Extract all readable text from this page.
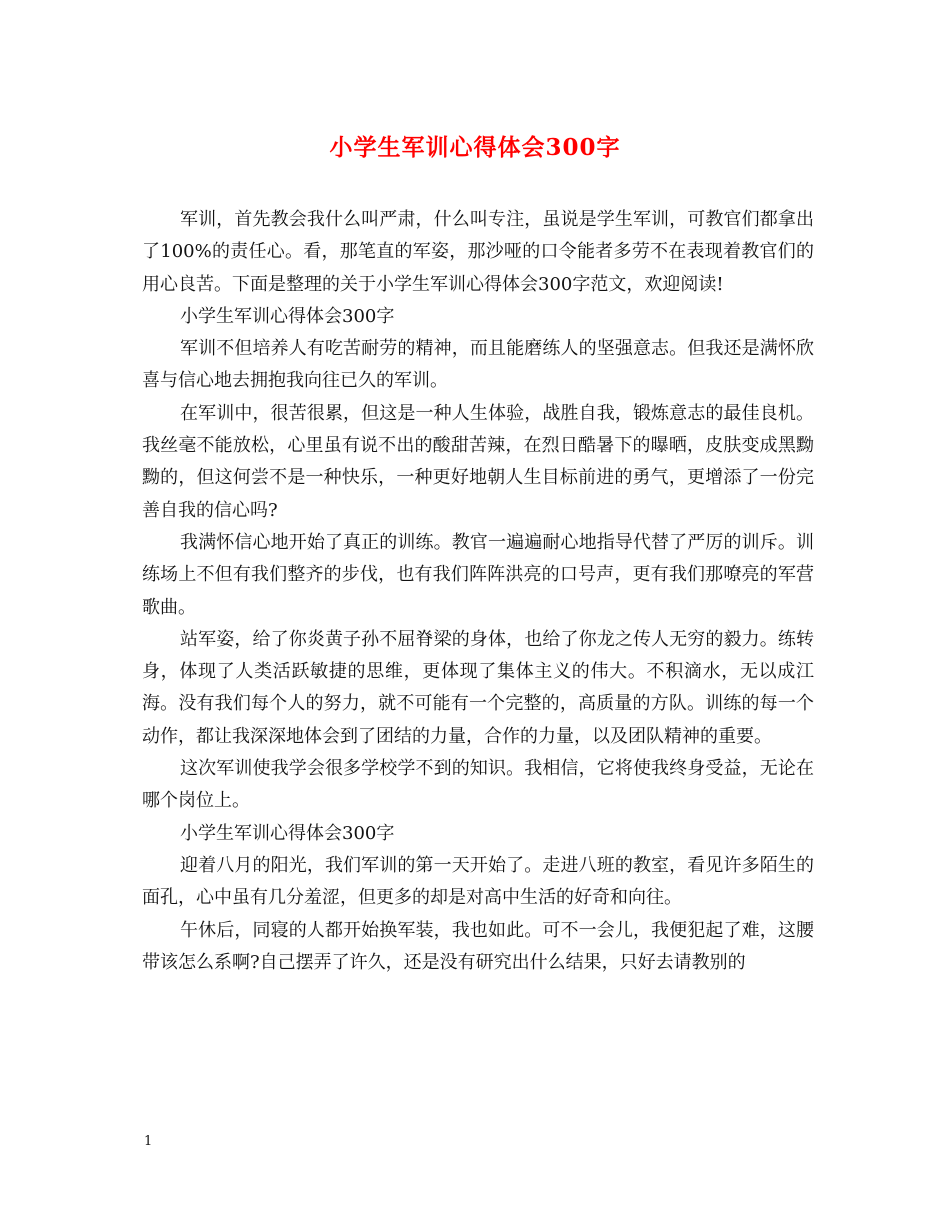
小学生军训心得体会300字

军训，首先教会我什么叫严肃，什么叫专注，虽说是学生军训，可教官们都拿出了100%的责任心。看，那笔直的军姿，那沙哑的口令能者多劳不在表现着教官们的用心良苦。下面是整理的关于小学生军训心得体会300字范文，欢迎阅读!

小学生军训心得体会300字

军训不但培养人有吃苦耐劳的精神，而且能磨练人的坚强意志。但我还是满怀欣喜与信心地去拥抱我向往已久的军训。

在军训中，很苦很累，但这是一种人生体验，战胜自我，锻炼意志的最佳良机。我丝毫不能放松，心里虽有说不出的酸甜苦辣，在烈日酷暑下的曝晒，皮肤变成黑黝黝的，但这何尝不是一种快乐，一种更好地朝人生目标前进的勇气，更增添了一份完善自我的信心吗?

我满怀信心地开始了真正的训练。教官一遍遍耐心地指导代替了严厉的训斥。训练场上不但有我们整齐的步伐，也有我们阵阵洪亮的口号声，更有我们那嘹亮的军营歌曲。

站军姿，给了你炎黄子孙不屈脊梁的身体，也给了你龙之传人无穷的毅力。练转身，体现了人类活跃敏捷的思维，更体现了集体主义的伟大。不积滴水，无以成江海。没有我们每个人的努力，就不可能有一个完整的，高质量的方队。训练的每一个动作，都让我深深地体会到了团结的力量，合作的力量，以及团队精神的重要。

这次军训使我学会很多学校学不到的知识。我相信，它将使我终身受益，无论在哪个岗位上。

小学生军训心得体会300字

迎着八月的阳光，我们军训的第一天开始了。走进八班的教室，看见许多陌生的面孔，心中虽有几分羞涩，但更多的却是对高中生活的好奇和向往。

午休后，同寝的人都开始换军装，我也如此。可不一会儿，我便犯起了难，这腰带该怎么系啊?自己摆弄了许久，还是没有研究出什么结果，只好去请教别的

1
